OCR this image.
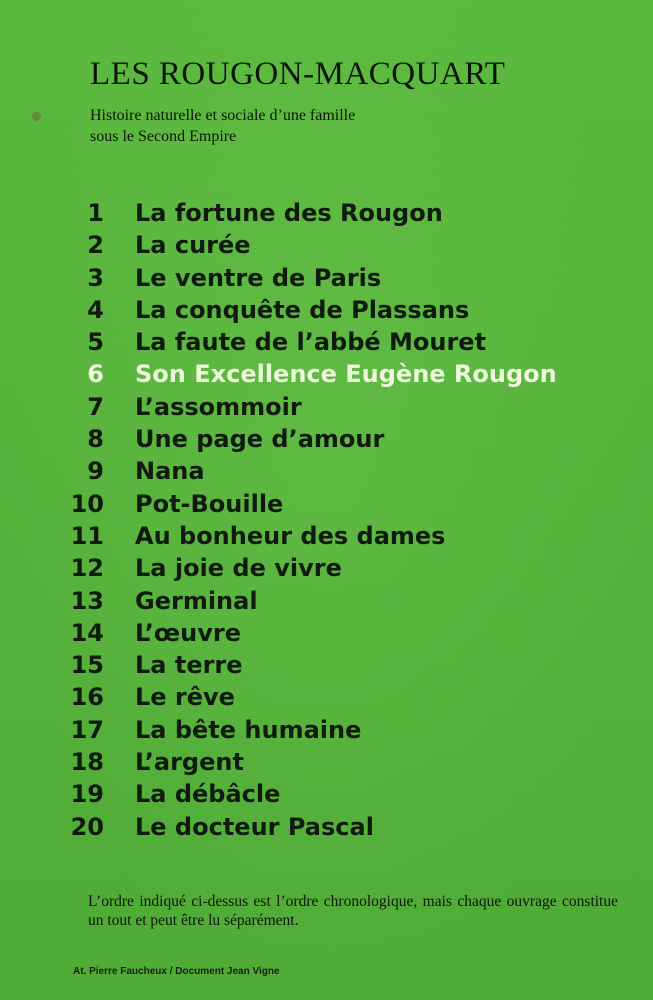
LES ROUGON-MACQUART
Histoire naturelle et sociale d’une famille
sous le Second Empire
1 La fortune des Rougon
2 La curée
3 Le ventre de Paris
4 La conquête de Plassans
5 La faute de l’abbé Mouret
6 Son Excellence Eugène Rougon
7 L’assommoir
8 Une page d’amour
9 Nana
10 Pot-Bouille
11 Au bonheur des dames
12 La joie de vivre
13 Germinal
14 L’œuvre
15 La terre
16 Le rêve
17 La bête humaine
18 L’argent
19 La débâcle
20 Le docteur Pascal

L’ordre indiqué ci-dessus est l’ordre chronologique, mais chaque ouvrage constitue un tout et peut être lu séparément.

At. Pierre Faucheux / Document Jean Vigne
